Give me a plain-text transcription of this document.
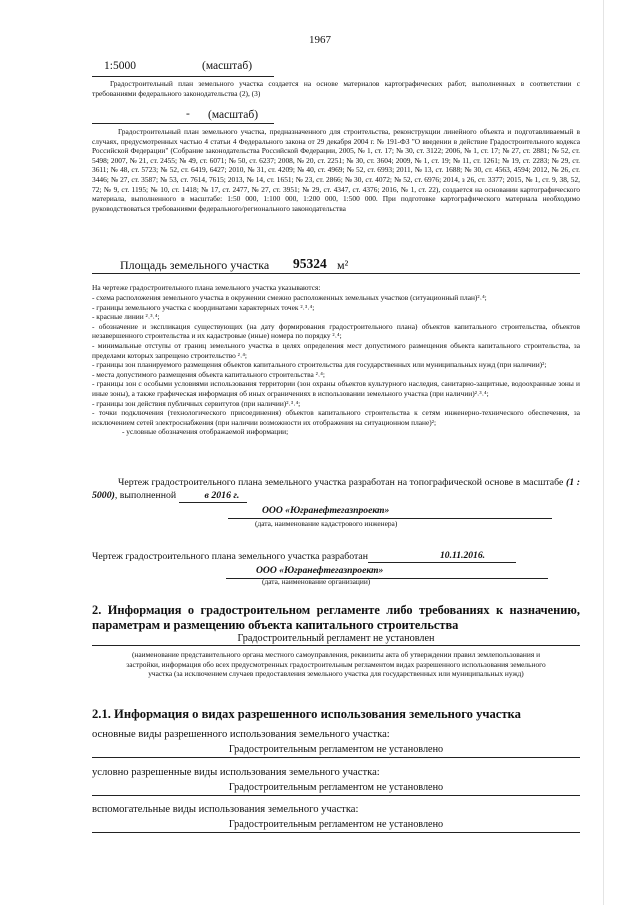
1967
1:5000	(масштаб)
Градостроительный план земельного участка создается на основе материалов картографических работ, выполненных в соответствии с требованиями федерального законодательства (2), (3)
- (масштаб)
Градостроительный план земельного участка, предназначенного для строительства, реконструкции линейного объекта и подготавливаемый в случаях, предусмотренных частью 4 статьи 4 Федерального закона от 29 декабря 2004 г. № 191-ФЗ "О введении в действие Градостроительного кодекса Российской Федерации" (Собрание законодательства Российской Федерации, 2005, № 1, ст. 17; № 30, ст. 3122; 2006, № 1, ст. 17; № 27, ст. 2881; № 52, ст. 5498; 2007, № 21, ст. 2455; № 49, ст. 6071; № 50, ст. 6237; 2008, № 20, ст. 2251; № 30, ст. 3604; 2009, № 1, ст. 19; № 11, ст. 1261; № 19, ст. 2283; № 29, ст. 3611; № 48, ст. 5723; № 52, ст. 6419, 6427; 2010, № 31, ст. 4209; № 40, ст. 4969; № 52, ст. 6993; 2011, № 13, ст. 1688; № 30, ст. 4563, 4594; 2012, № 26, ст. 3446; № 27, ст. 3587; № 53, ст. 7614, 7615; 2013, № 14, ст. 1651; № 23, ст. 2866; № 30, ст. 4072; № 52, ст. 6976; 2014, з 26, ст. 3377; 2015, № 1, ст. 9, 38, 52, 72; № 9, ст. 1195; № 10, ст. 1418; № 17, ст. 2477, № 27, ст. 3951; № 29, ст. 4347, ст. 4376; 2016, № 1, ст. 22), создается на основании картографического материала, выполненного в масштабе: 1:50 000, 1:100 000, 1:200 000, 1:500 000. При подготовке картографического материала необходимо руководствоваться требованиями федерального/регионального законодательства
Площадь земельного участка 95324 м²
На чертеже градостроительного плана земельного участка указываются:
- схема расположения земельного участка в окружении смежно расположенных земельных участков (ситуационный план)²˒⁴;
- границы земельного участка с координатами характерных точек ²˒³˒⁴;
- красные линии ²˒³˒⁴;
- обозначение и экспликация существующих (на дату формирования градостроительного плана) объектов капитального строительства, объектов незавершенного строительства и их кадастровые (иные) номера по порядку ²˒⁴;
- минимальные отступы от границ земельного участка в целях определения мест допустимого размещения объекта капитального строительства, за пределами которых запрещено строительство ²˒⁴;
- границы зон планируемого размещения объектов капитального строительства для государственных или муниципальных нужд (при наличии)²;
- места допустимого размещения объекта капитального строительства ²˒⁴;
- границы зон с особыми условиями использования территории (зон охраны объектов культурного наследия, санитарно-защитные, водоохранные зоны и иные зоны), а также графическая информация об иных ограничениях в использовании земельного участка (при наличии)²˒³˒⁴;
- границы зон действия публичных сервитутов (при наличии)²˒³˒⁴;
- точки подключения (технологического присоединения) объектов капитального строительства к сетям инженерно-технического обеспечения, за исключением сетей электроснабжения (при наличии возможности их отображения на ситуационном плане)²;
- условные обозначения отображаемой информации;
Чертеж градостроительного плана земельного участка разработан на топографической основе в масштабе (1 : 5000), выполненной	в 2016 г.
ООО «Югранефтегазпроект»
(дата, наименование кадастрового инженера)
Чертеж градостроительного плана земельного участка разработан	10.11.2016.
ООО «Югранефтегазпроект»
(дата, наименование организации)
2. Информация о градостроительном регламенте либо требованиях к назначению, параметрам и размещению объекта капитального строительства
Градостроительный регламент не установлен
(наименование представительного органа местного самоуправления, реквизиты акта об утверждении правил землепользования и застройки, информация обо всех предусмотренных градостроительным регламентом видах разрешенного использования земельного участка (за исключением случаев предоставления земельного участка для государственных или муниципальных нужд)
2.1. Информация о видах разрешенного использования земельного участка
основные виды разрешенного использования земельного участка:
Градостроительным регламентом не установлено
условно разрешенные виды использования земельного участка:
Градостроительным регламентом не установлено
вспомогательные виды использования земельного участка:
Градостроительным регламентом не установлено
